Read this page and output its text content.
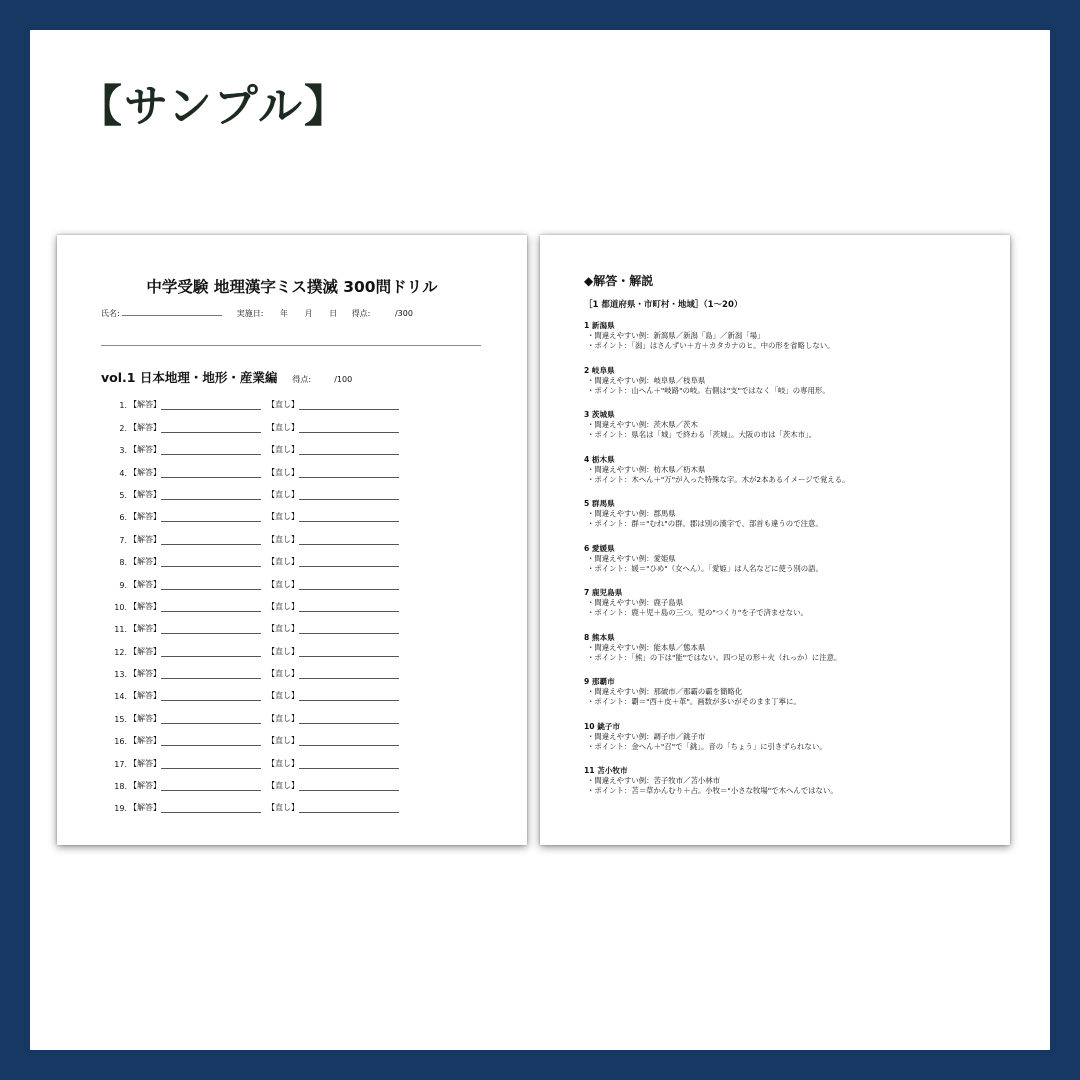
【サンプル】
中学受験 地理漢字ミス撲滅 300問ドリル
氏名:	実施日: 年 月 日 得点:	/300
vol.1 日本地理・地形・産業編 得点:	/100
1. 【解答】	【直し】
2. 【解答】	【直し】
3. 【解答】	【直し】
4. 【解答】	【直し】
5. 【解答】	【直し】
6. 【解答】	【直し】
7. 【解答】	【直し】
8. 【解答】	【直し】
9. 【解答】	【直し】
10. 【解答】	【直し】
11. 【解答】	【直し】
12. 【解答】	【直し】
13. 【解答】	【直し】
14. 【解答】	【直し】
15. 【解答】	【直し】
16. 【解答】	【直し】
17. 【解答】	【直し】
18. 【解答】	【直し】
19. 【解答】	【直し】
◆解答・解説
［1 都道府県・市町村・地域］（1～20）
1 新潟県
・間違えやすい例：新瀉県／新潟「島」／新潟「場」
・ポイント：「潟」はさんずい＋方＋カタカナのヒ。中の形を省略しない。
2 岐阜県
・間違えやすい例：岐阜県／枝阜県
・ポイント：山へん＋"岐路"の岐。右側は"支"ではなく「岐」の専用形。
3 茨城県
・間違えやすい例：茨木県／茨木
・ポイント：県名は「城」で終わる「茨城」。大阪の市は「茨木市」。
4 栃木県
・間違えやすい例：枋木県／杤木県
・ポイント：木へん＋"万"が入った特殊な字。木が2本あるイメージで覚える。
5 群馬県
・間違えやすい例：郡馬県
・ポイント：群＝"むれ"の群。郡は別の漢字で、部首も違うので注意。
6 愛媛県
・間違えやすい例：愛姫県
・ポイント：媛＝"ひめ"（女へん）。「愛姫」は人名などに使う別の語。
7 鹿児島県
・間違えやすい例：鹿子島県
・ポイント：鹿＋児＋島の三つ。児の"つくり"を子で済ませない。
8 熊本県
・間違えやすい例：能本県／態本県
・ポイント：「熊」の下は"能"ではない。四つ足の形＋火（れっか）に注意。
9 那覇市
・間違えやすい例：那破市／那霸の霸を簡略化
・ポイント：覇＝"西＋皮＋革"。画数が多いがそのまま丁寧に。
10 銚子市
・間違えやすい例：調子市／銚子市
・ポイント：金へん＋"召"で「銚」。音の「ちょう」に引きずられない。
11 苫小牧市
・間違えやすい例：苦子牧市／苫小林市
・ポイント：苫＝草かんむり＋占。小牧＝"小さな牧場"で木へんではない。
